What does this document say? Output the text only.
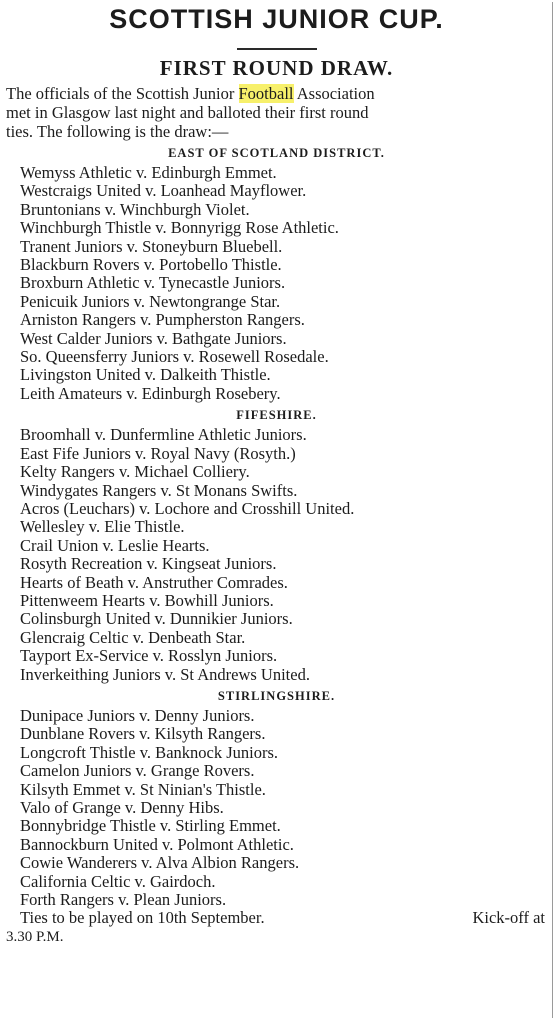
SCOTTISH JUNIOR CUP.
FIRST ROUND DRAW.

The officials of the Scottish Junior Football Association
met in Glasgow last night and balloted their first round
ties. The following is the draw:—

EAST OF SCOTLAND DISTRICT.
Wemyss Athletic v. Edinburgh Emmet.
Westcraigs United v. Loanhead Mayflower.
Bruntonians v. Winchburgh Violet.
Winchburgh Thistle v. Bonnyrigg Rose Athletic.
Tranent Juniors v. Stoneyburn Bluebell.
Blackburn Rovers v. Portobello Thistle.
Broxburn Athletic v. Tynecastle Juniors.
Penicuik Juniors v. Newtongrange Star.
Arniston Rangers v. Pumpherston Rangers.
West Calder Juniors v. Bathgate Juniors.
So. Queensferry Juniors v. Rosewell Rosedale.
Livingston United v. Dalkeith Thistle.
Leith Amateurs v. Edinburgh Rosebery.
FIFESHIRE.
Broomhall v. Dunfermline Athletic Juniors.
East Fife Juniors v. Royal Navy (Rosyth.)
Kelty Rangers v. Michael Colliery.
Windygates Rangers v. St Monans Swifts.
Acros (Leuchars) v. Lochore and Crosshill United.
Wellesley v. Elie Thistle.
Crail Union v. Leslie Hearts.
Rosyth Recreation v. Kingseat Juniors.
Hearts of Beath v. Anstruther Comrades.
Pittenweem Hearts v. Bowhill Juniors.
Colinsburgh United v. Dunnikier Juniors.
Glencraig Celtic v. Denbeath Star.
Tayport Ex-Service v. Rosslyn Juniors.
Inverkeithing Juniors v. St Andrews United.
STIRLINGSHIRE.
Dunipace Juniors v. Denny Juniors.
Dunblane Rovers v. Kilsyth Rangers.
Longcroft Thistle v. Banknock Juniors.
Camelon Juniors v. Grange Rovers.
Kilsyth Emmet v. St Ninian's Thistle.
Valo of Grange v. Denny Hibs.
Bonnybridge Thistle v. Stirling Emmet.
Bannockburn United v. Polmont Athletic.
Cowie Wanderers v. Alva Albion Rangers.
California Celtic v. Gairdoch.
Forth Rangers v. Plean Juniors.
Ties to be played on 10th September.	Kick-off at
3.30 P.M.
